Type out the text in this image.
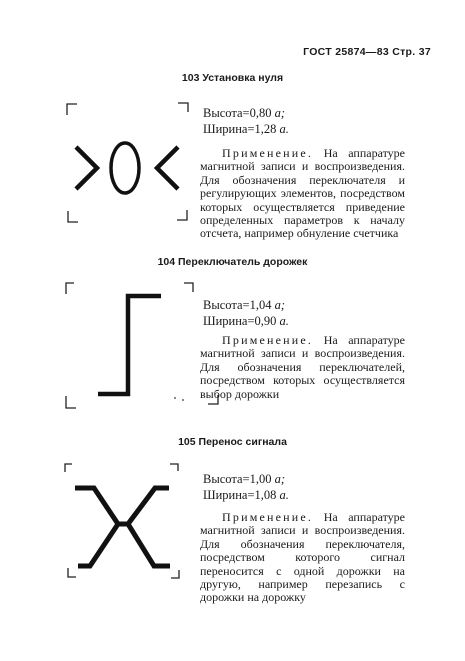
ГОСТ 25874—83 Стр. 37
103 Установка нуля
Высота=0,80 а;
Ширина=1,28 а.
Применение. На аппаратуре магнитной записи и воспроизведения. Для обозначения переключателя и регулирующих элементов, посредством которых осуществляется приведение определенных параметров к началу отсчета, например обнуление счетчика
104 Переключатель дорожек
Высота=1,04 а;
Ширина=0,90 а.
Применение. На аппаратуре магнитной записи и воспроизведения. Для обозначения переключателей, посредством которых осуществляется выбор дорожки
105 Перенос сигнала
Высота=1,00 а;
Ширина=1,08 а.
Применение. На аппаратуре магнитной записи и воспроизведения. Для обозначения переключателя, посредством которого сигнал переносится с одной дорожки на другую, например перезапись с дорожки на дорожку
